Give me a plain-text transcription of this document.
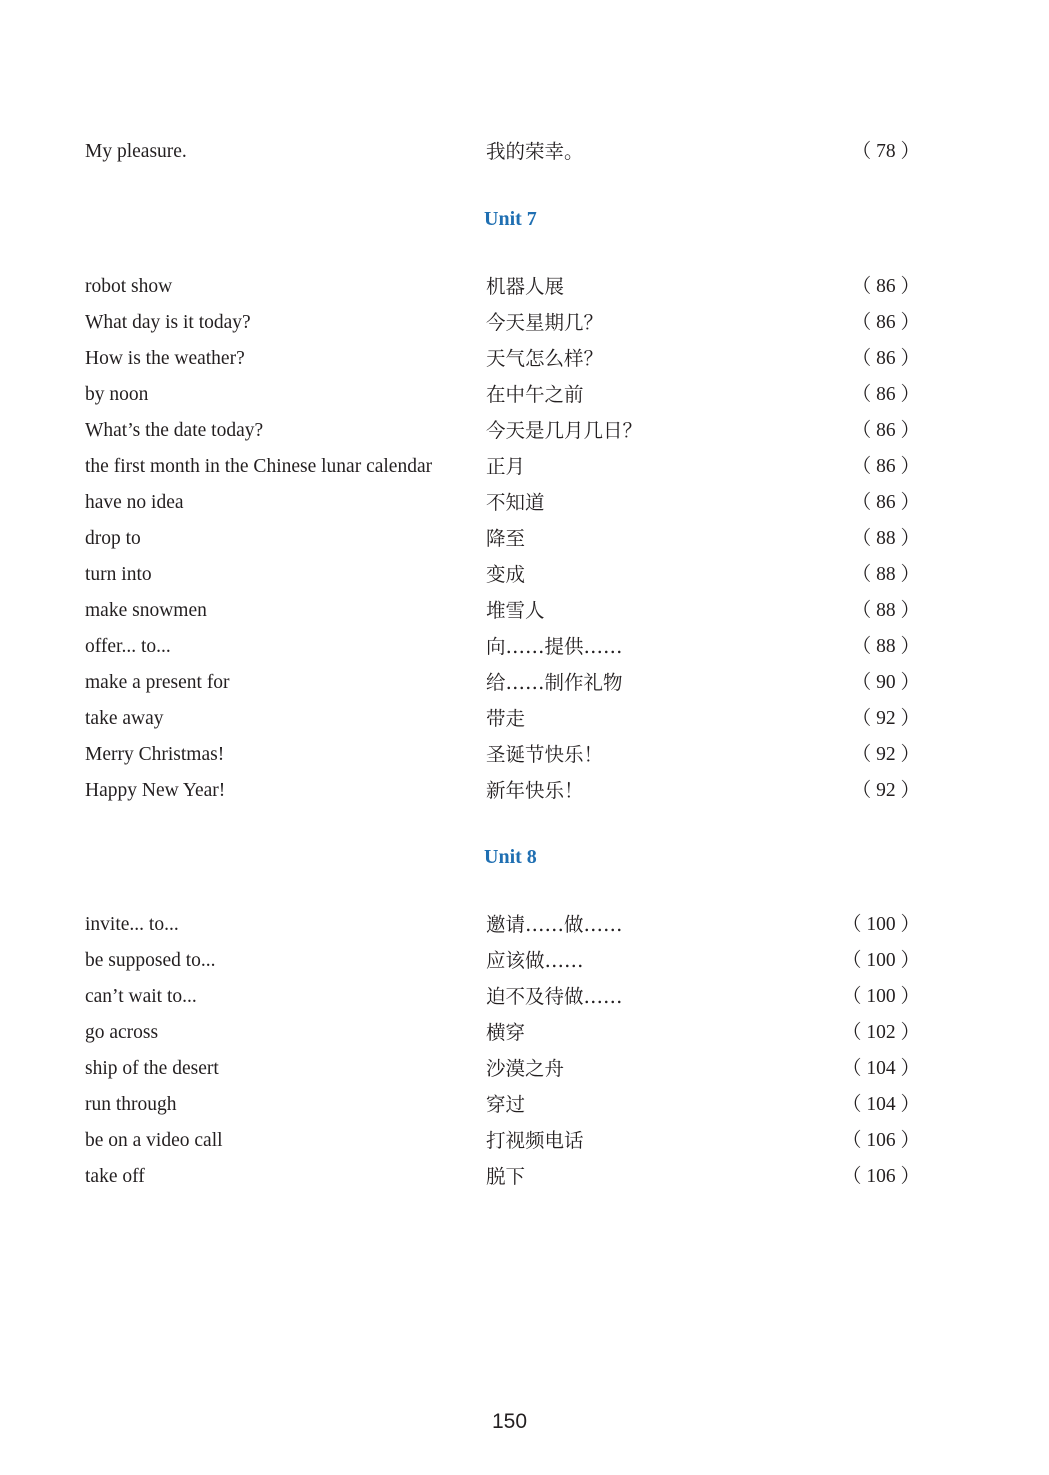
My pleasure.	我的荣幸。	（ 78 ）
Unit 7
robot show	机器人展	（ 86 ）
What day is it today?	今天星期几？	（ 86 ）
How is the weather?	天气怎么样？	（ 86 ）
by noon	在中午之前	（ 86 ）
What’s the date today?	今天是几月几日？	（ 86 ）
the first month in the Chinese lunar calendar	正月	（ 86 ）
have no idea	不知道	（ 86 ）
drop to	降至	（ 88 ）
turn into	变成	（ 88 ）
make snowmen	堆雪人	（ 88 ）
offer... to...	向……提供……	（ 88 ）
make a present for	给……制作礼物	（ 90 ）
take away	带走	（ 92 ）
Merry Christmas!	圣诞节快乐！	（ 92 ）
Happy New Year!	新年快乐！	（ 92 ）
Unit 8
invite... to...	邀请……做……	（ 100 ）
be supposed to...	应该做……	（ 100 ）
can’t wait to...	迫不及待做……	（ 100 ）
go across	横穿	（ 102 ）
ship of the desert	沙漠之舟	（ 104 ）
run through	穿过	（ 104 ）
be on a video call	打视频电话	（ 106 ）
take off	脱下	（ 106 ）
150
